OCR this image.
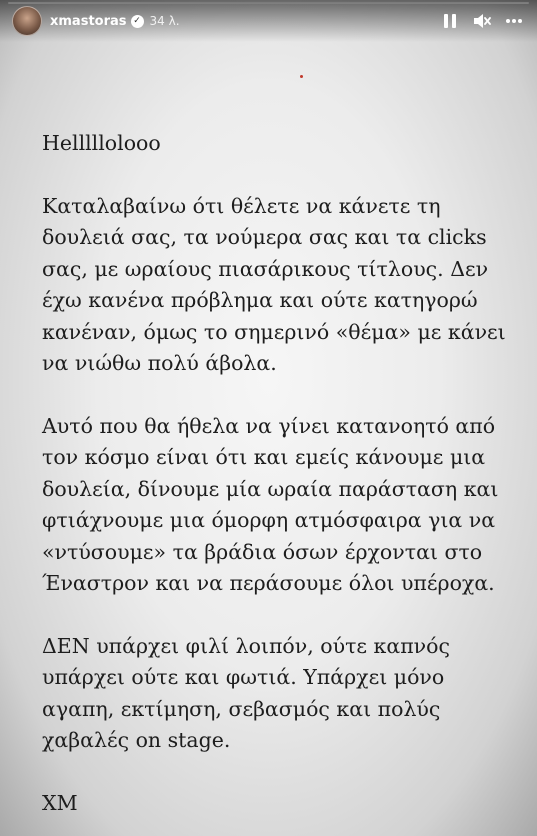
xmastoras ✓ 34 λ.

Helllllolooo

Καταλαβαίνω ότι θέλετε να κάνετε τη δουλειά σας, τα νούμερα σας και τα clicks σας, με ωραίους πιασάρικους τίτλους. Δεν έχω κανένα πρόβλημα και ούτε κατηγορώ κανέναν, όμως το σημερινό «θέμα» με κάνει να νιώθω πολύ άβολα.

Αυτό που θα ήθελα να γίνει κατανοητό από τον κόσμο είναι ότι και εμείς κάνουμε μια δουλεία, δίνουμε μία ωραία παράσταση και φτιάχνουμε μια όμορφη ατμόσφαιρα για να «ντύσουμε» τα βράδια όσων έρχονται στο Έναστρον και να περάσουμε όλοι υπέροχα.

ΔΕΝ υπάρχει φιλί λοιπόν, ούτε καπνός υπάρχει ούτε και φωτιά. Υπάρχει μόνο αγαπη, εκτίμηση, σεβασμός και πολύς χαβαλές on stage.

ΧΜ
